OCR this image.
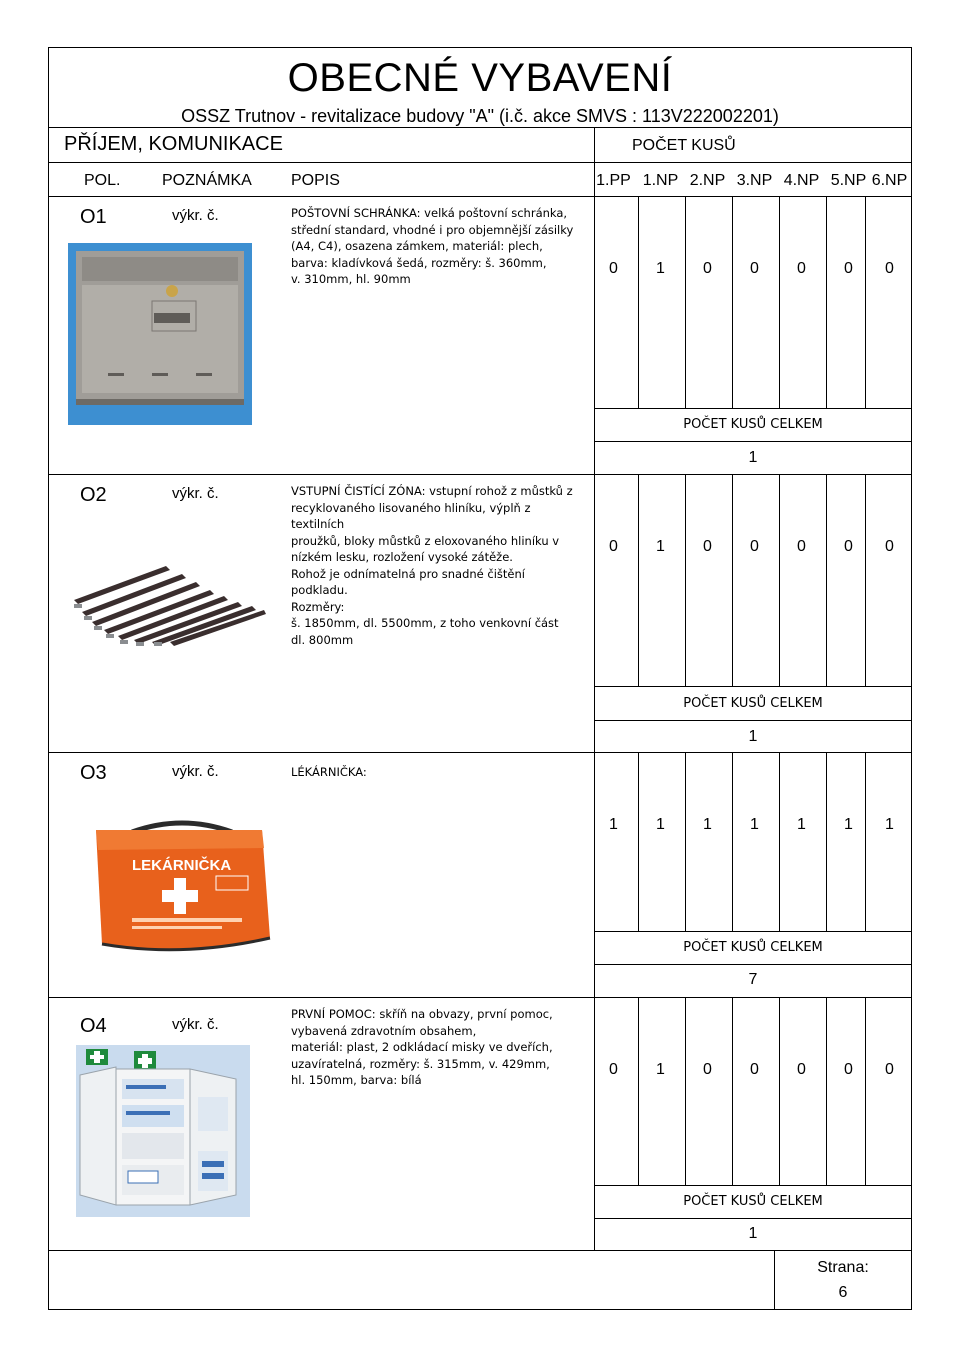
OBECNÉ VYBAVENÍ
OSSZ Trutnov - revitalizace budovy "A" (i.č. akce SMVS : 113V222002201)
PŘÍJEM, KOMUNIKACE	POČET KUSŮ
POL.	POZNÁMKA POPIS	1.PP 1.NP 2.NP 3.NP 4.NP 5.NP 6.NP
O1	výkr. č.	POŠTOVNÍ SCHRÁNKA: velká poštovní schránka,
střední standard, vhodné i pro objemnější zásilky
(A4, C4), osazena zámkem, materiál: plech,
barva: kladívková šedá, rozměry: š. 360mm,
v. 310mm, hl. 90mm
0	1	0	0	0	0	0
POČET KUSŮ CELKEM
1
O2	výkr. č.	VSTUPNÍ ČISTÍCÍ ZÓNA: vstupní rohož z můstků z
recyklovaného lisovaného hliníku, výplň z textilních
proužků, bloky můstků z eloxovaného hliníku v
nízkém lesku, rozložení vysoké zátěže.
Rohož je odnímatelná pro snadné čištění podkladu.
Rozměry:
š. 1850mm, dl. 5500mm, z toho venkovní část
dl. 800mm
0	1	0	0	0	0	0
POČET KUSŮ CELKEM
1
O3	výkr. č.	LÉKÁRNIČKA:
1	1	1	1	1	1	1
POČET KUSŮ CELKEM
7
LEKÁRNIČKA
O4	výkr. č.
PRVNÍ POMOC: skříň na obvazy, první pomoc,
vybavená zdravotním obsahem,
materiál: plast, 2 odkládací misky ve dveřích,
uzavíratelná, rozměry: š. 315mm, v. 429mm,
hl. 150mm, barva: bílá
0	1	0	0	0	0	0
POČET KUSŮ CELKEM
1
Strana:
6
